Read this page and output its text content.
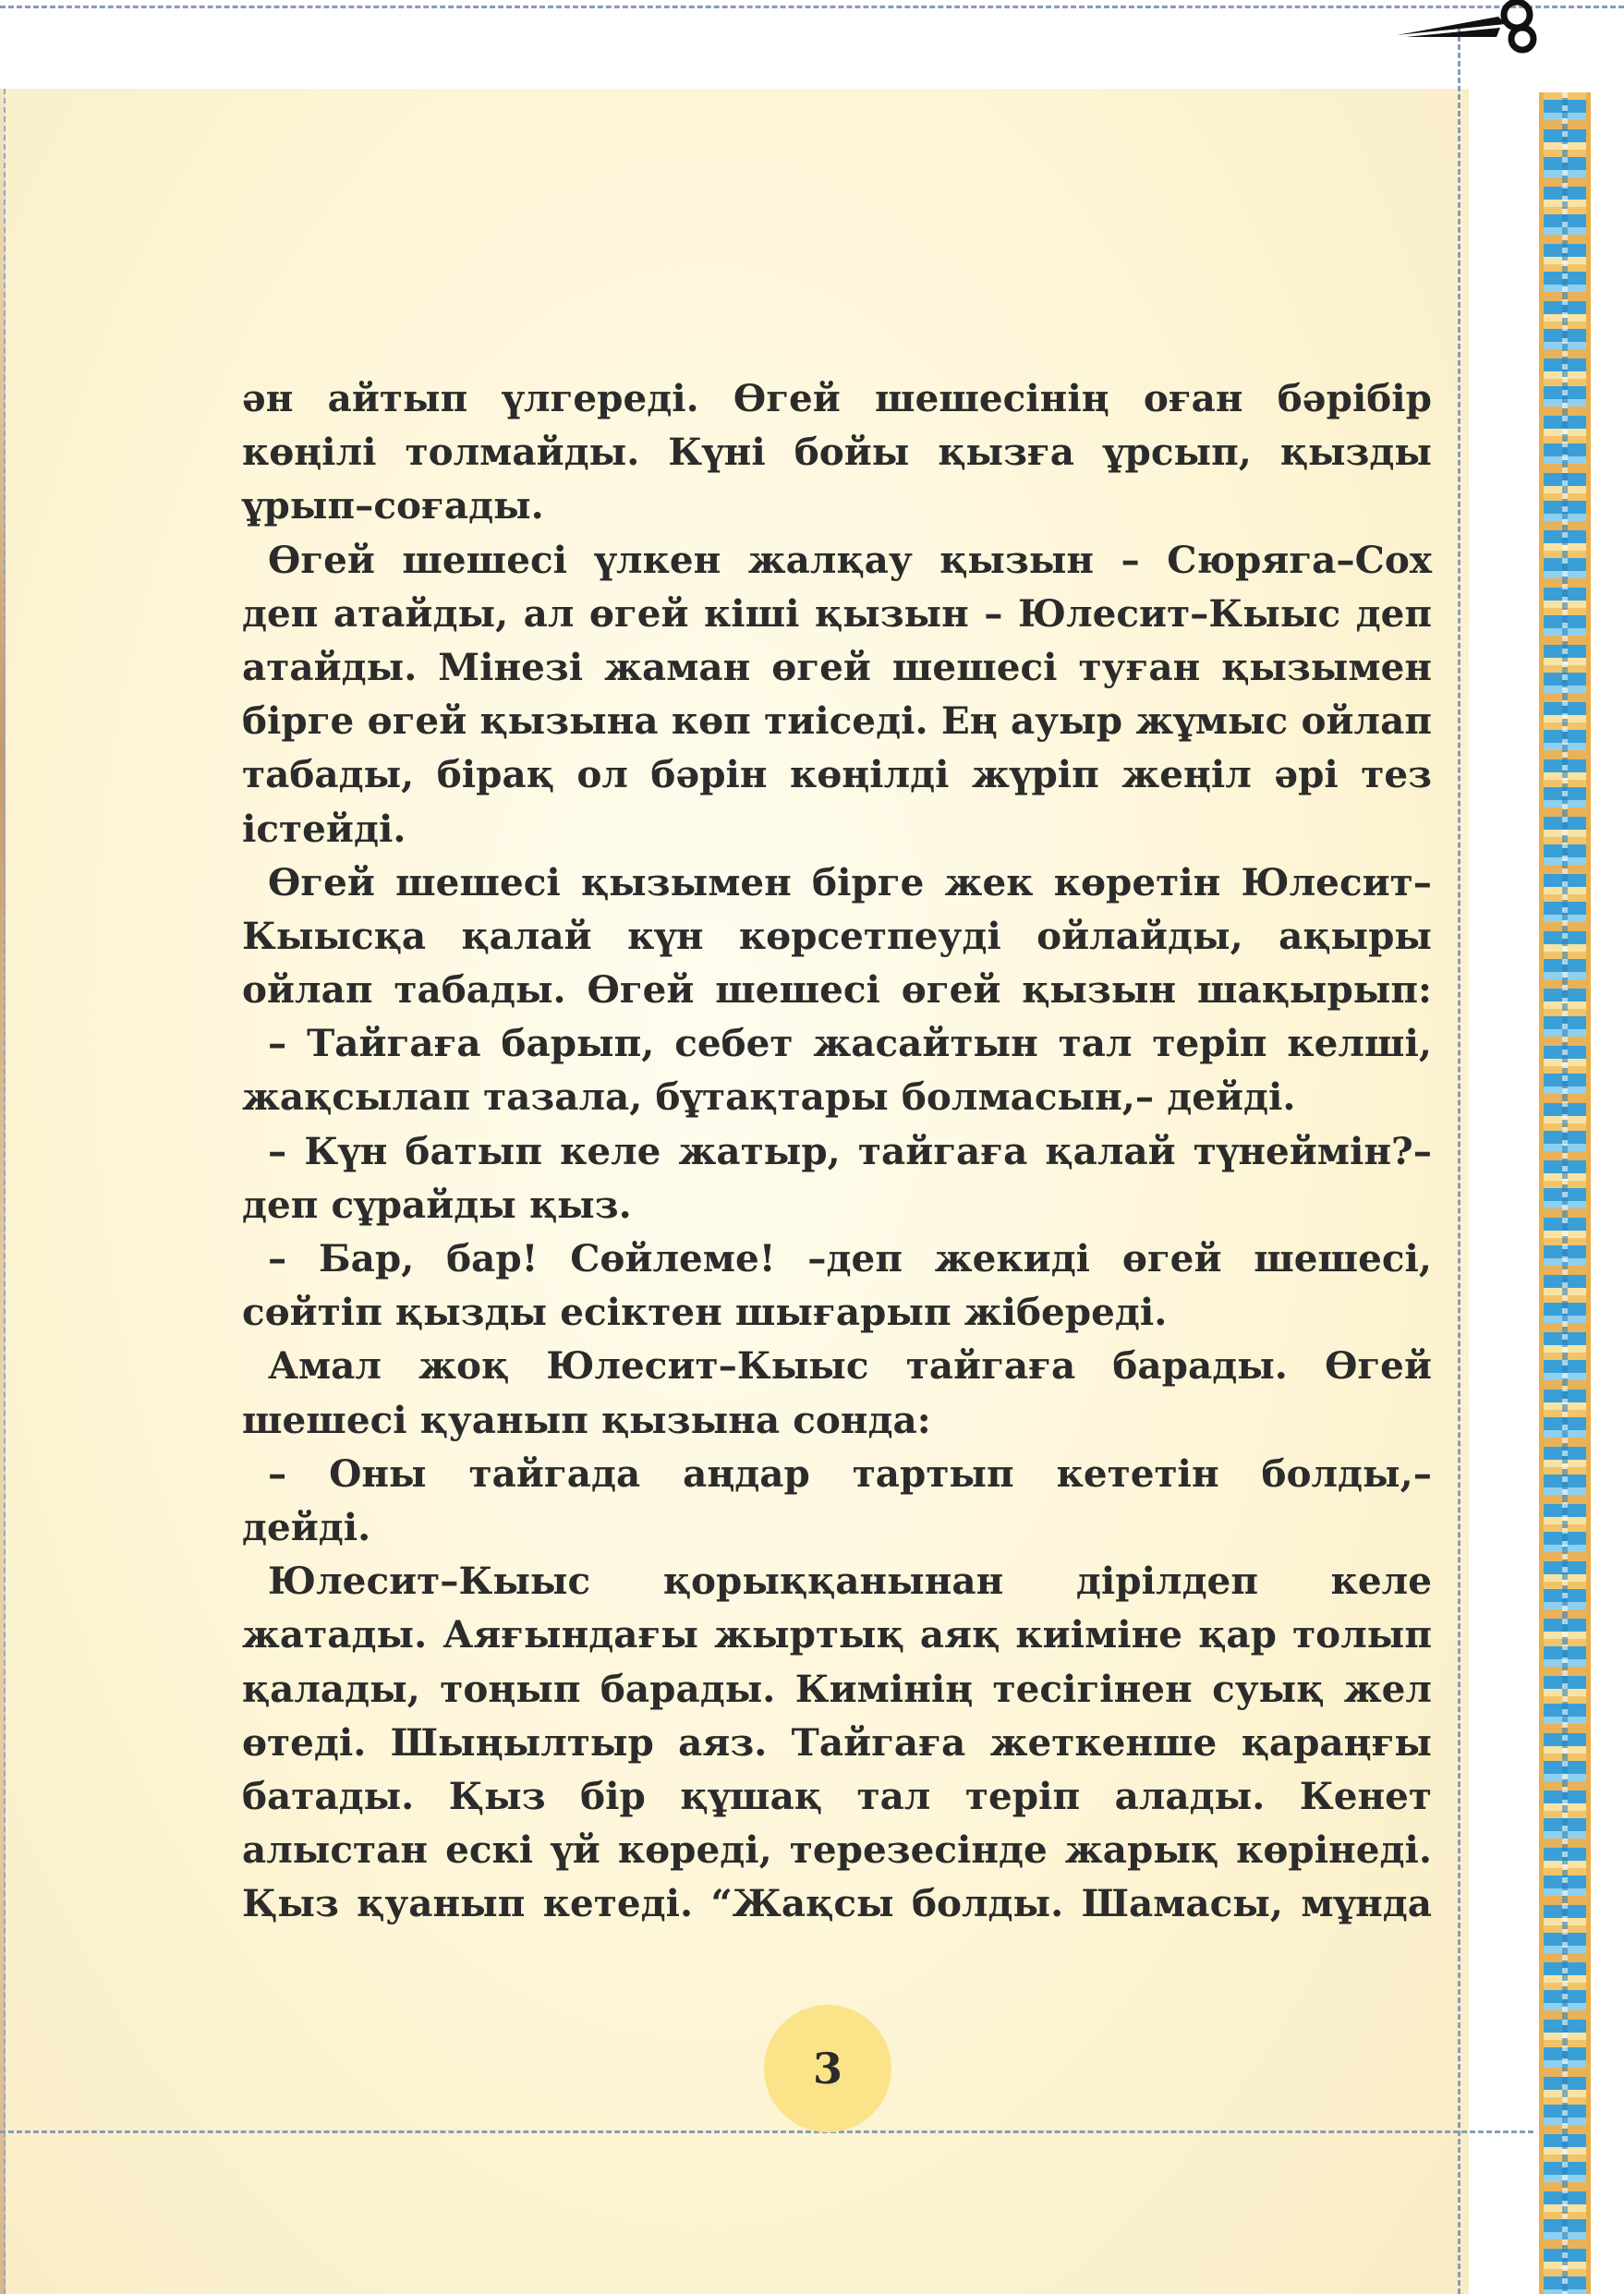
ән айтып үлгереді. Өгей шешесінің оған бәрібір
көңілі толмайды. Күні бойы қызға ұрсып, қызды
ұрып–соғады.
Өгей шешесі үлкен жалқау қызын – Сюряга–Сох
деп атайды, ал өгей кіші қызын – Юлесит–Кыыс деп
атайды. Мінезі жаман өгей шешесі туған қызымен
бірге өгей қызына көп тиіседі. Ең ауыр жұмыс ойлап
табады, бірақ ол бәрін көңілді жүріп жеңіл әрі тез
істейді.
Өгей шешесі қызымен бірге жек көретін Юлесит–
Кыысқа қалай күн көрсетпеуді ойлайды, ақыры
ойлап табады. Өгей шешесі өгей қызын шақырып:
– Тайгаға барып, себет жасайтын тал теріп келші,
жақсылап тазала, бұтақтары болмасын,– дейді.
– Күн батып келе жатыр, тайгаға қалай түнеймін?–
деп сұрайды қыз.
– Бар, бар! Сөйлеме! –деп жекиді өгей шешесі,
сөйтіп қызды есіктен шығарып жібереді.
Амал жоқ Юлесит–Кыыс тайгаға барады. Өгей
шешесі қуанып қызына сонда:
– Оны тайгада аңдар тартып кететін болды,–
дейді.
Юлесит–Кыыс қорыққанынан дірілдеп келе
жатады. Аяғындағы жыртық аяқ киіміне қар толып
қалады, тоңып барады. Кимінің тесігінен суық жел
өтеді. Шыңылтыр аяз. Тайгаға жеткенше қараңғы
батады. Қыз бір құшақ тал теріп алады. Кенет
алыстан ескі үй көреді, терезесінде жарық көрінеді.
Қыз қуанып кетеді. “Жақсы болды. Шамасы, мұнда
3
